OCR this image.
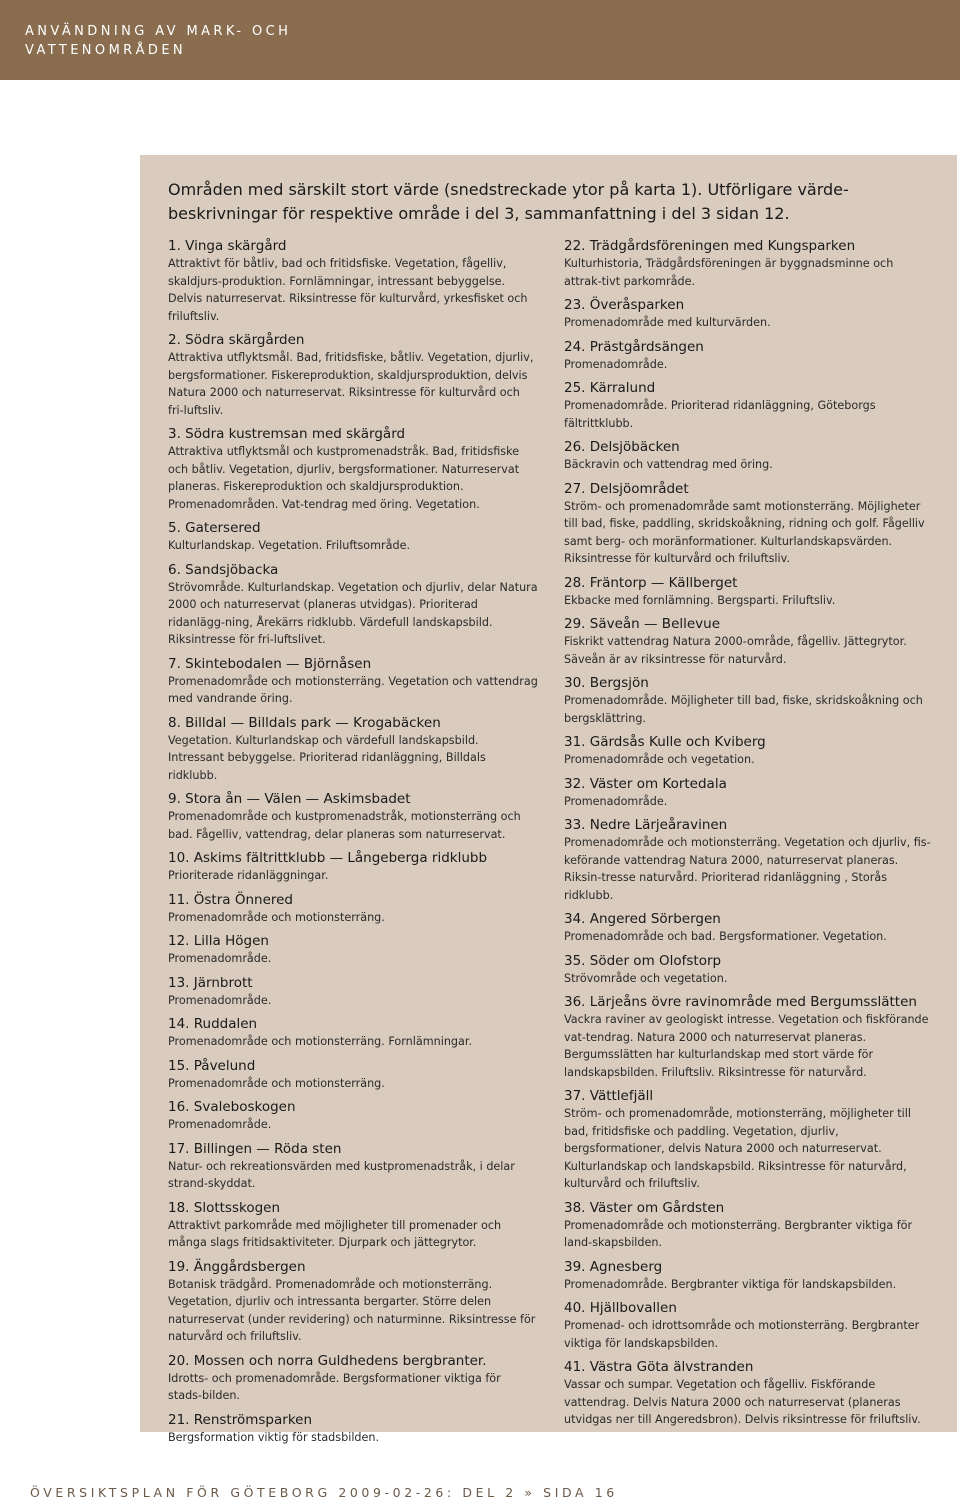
ANVÄNDNING AV MARK- OCH VATTENOMRÅDEN
Områden med särskilt stort värde (snedstreckade ytor på karta 1). Utförligare värde-beskrivningar för respektive område i del 3, sammanfattning i del 3 sidan 12.
1. Vinga skärgård
Attraktivt för båtliv, bad och fritidsfiske. Vegetation, fågelliv, skaldjurs-produktion. Fornlämningar, intressant bebyggelse. Delvis naturreservat. Riksintresse för kulturvård, yrkesfisket och friluftsliv.
2. Södra skärgården
Attraktiva utflyktsmål. Bad, fritidsfiske, båtliv. Vegetation, djurliv, bergsformationer. Fiskereproduktion, skaldjursproduktion, delvis Natura 2000 och naturreservat. Riksintresse för kulturvård och fri-luftsliv.
3. Södra kustremsan med skärgård
Attraktiva utflyktsmål och kustpromenadstråk. Bad, fritidsfiske och båtliv. Vegetation, djurliv, bergsformationer. Naturreservat planeras. Fiskereproduktion och skaldjursproduktion. Promenadområden. Vat-tendrag med öring. Vegetation.
5. Gatersered
Kulturlandskap. Vegetation. Friluftsområde.
6. Sandsjöbacka
Strövområde. Kulturlandskap. Vegetation och djurliv, delar Natura 2000 och naturreservat (planeras utvidgas). Prioriterad ridanlägg-ning, Årekärrs ridklubb. Värdefull landskapsbild. Riksintresse för fri-luftslivet.
7. Skintebodalen — Björnåsen
Promenadområde och motionsterräng. Vegetation och vattendrag med vandrande öring.
8. Billdal — Billdals park — Krogabäcken
Vegetation. Kulturlandskap och värdefull landskapsbild. Intressant bebyggelse. Prioriterad ridanläggning, Billdals ridklubb.
9. Stora ån — Välen — Askimsbadet
Promenadområde och kustpromenadstråk, motionsterräng och bad. Fågelliv, vattendrag, delar planeras som naturreservat.
10. Askims fältrittklubb — Långeberga ridklubb
Prioriterade ridanläggningar.
11. Östra Önnered
Promenadområde och motionsterräng.
12. Lilla Högen
Promenadområde.
13. Järnbrott
Promenadområde.
14. Ruddalen
Promenadområde och motionsterräng. Fornlämningar.
15. Påvelund
Promenadområde och motionsterräng.
16. Svaleboskogen
Promenadområde.
17. Billingen — Röda sten
Natur- och rekreationsvärden med kustpromenadstråk, i delar strand-skyddat.
18. Slottsskogen
Attraktivt parkområde med möjligheter till promenader och många slags fritidsaktiviteter. Djurpark och jättegrytor.
19. Änggårdsbergen
Botanisk trädgård. Promenadområde och motionsterräng. Vegetation, djurliv och intressanta bergarter. Större delen naturreservat (under revidering) och naturminne. Riksintresse för naturvård och friluftsliv.
20. Mossen och norra Guldhedens bergbranter.
Idrotts- och promenadområde. Bergsformationer viktiga för stads-bilden.
21. Renströmsparken
Bergsformation viktig för stadsbilden.
22. Trädgårdsföreningen med Kungsparken
Kulturhistoria, Trädgårdsföreningen är byggnadsminne och attrak-tivt parkområde.
23. Överåsparken
Promenadområde med kulturvärden.
24. Prästgårdsängen
Promenadområde.
25. Kärralund
Promenadområde. Prioriterad ridanläggning, Göteborgs fältrittklubb.
26. Delsjöbäcken
Bäckravin och vattendrag med öring.
27. Delsjöområdet
Ström- och promenadområde samt motionsterräng. Möjligheter till bad, fiske, paddling, skridskoåkning, ridning och golf. Fågelliv samt berg- och moränformationer. Kulturlandskapsvärden. Riksintresse för kulturvård och friluftsliv.
28. Fräntorp — Källberget
Ekbacke med fornlämning. Bergsparti. Friluftsliv.
29. Säveån — Bellevue
Fiskrikt vattendrag Natura 2000-område, fågelliv. Jättegrytor. Säveån är av riksintresse för naturvård.
30. Bergsjön
Promenadområde. Möjligheter till bad, fiske, skridskoåkning och bergsklättring.
31. Gärdsås Kulle och Kviberg
Promenadområde och vegetation.
32. Väster om Kortedala
Promenadområde.
33. Nedre Lärjeåravinen
Promenadområde och motionsterräng. Vegetation och djurliv, fis-keförande vattendrag Natura 2000, naturreservat planeras. Riksin-tresse naturvård. Prioriterad ridanläggning , Storås ridklubb.
34. Angered Sörbergen
Promenadområde och bad. Bergsformationer. Vegetation.
35. Söder om Olofstorp
Strövområde och vegetation.
36. Lärjeåns övre ravinområde med Bergumsslätten
Vackra raviner av geologiskt intresse. Vegetation och fiskförande vat-tendrag. Natura 2000 och naturreservat planeras. Bergumsslätten har kulturlandskap med stort värde för landskapsbilden. Friluftsliv. Riksintresse för naturvård.
37. Vättlefjäll
Ström- och promenadområde, motionsterräng, möjligheter till bad, fritidsfiske och paddling. Vegetation, djurliv, bergsformationer, delvis Natura 2000 och naturreservat. Kulturlandskap och landskapsbild. Riksintresse för naturvård, kulturvård och friluftsliv.
38. Väster om Gårdsten
Promenadområde och motionsterräng. Bergbranter viktiga för land-skapsbilden.
39. Agnesberg
Promenadområde. Bergbranter viktiga för landskapsbilden.
40. Hjällbovallen
Promenad- och idrottsområde och motionsterräng. Bergbranter viktiga för landskapsbilden.
41. Västra Göta älvstranden
Vassar och sumpar. Vegetation och fågelliv. Fiskförande vattendrag. Delvis Natura 2000 och naturreservat (planeras utvidgas ner till Angeredsbron). Delvis riksintresse för friluftsliv.
ÖVERSIKTSPLAN FÖR GÖTEBORG 2009-02-26: DEL 2 » SIDA 16
